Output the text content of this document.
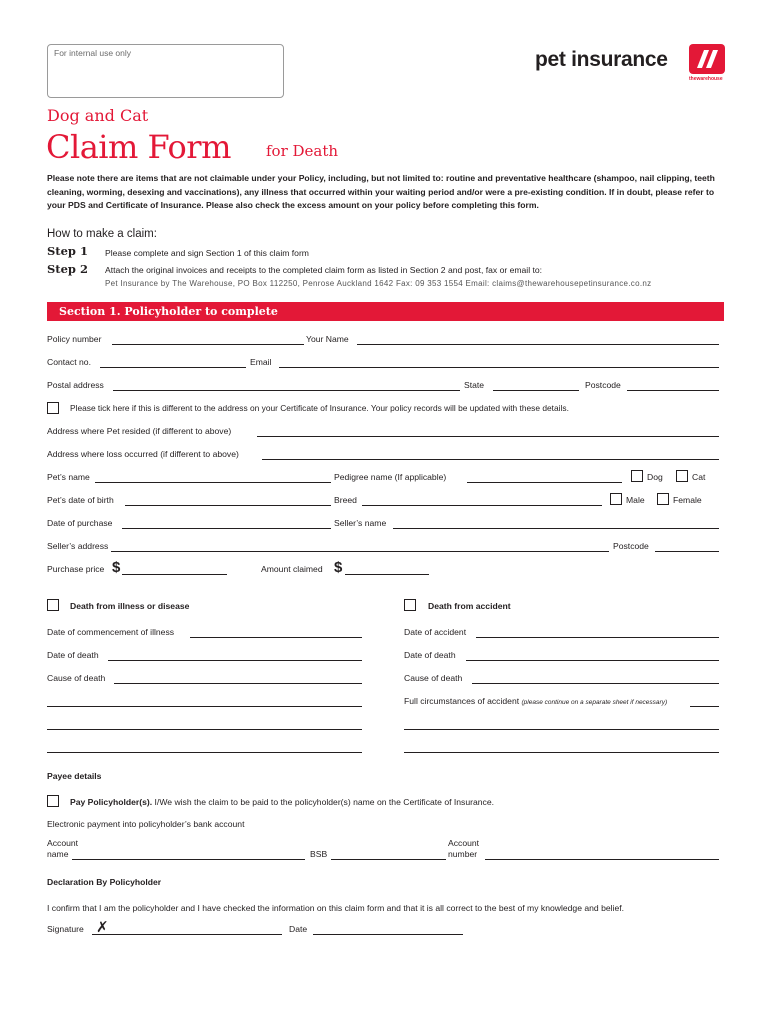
For internal use only	pet insurance
thewarehouse
Dog and Cat
Claim Form for Death
Please note there are items that are not claimable under your Policy, including, but not limited to: routine and preventative healthcare (shampoo, nail clipping, teeth cleaning, worming, desexing and vaccinations), any illness that occurred within your waiting period and/or were a pre-existing condition. If in doubt, please refer to your PDS and Certificate of Insurance. Please also check the excess amount on your policy before completing this form.
How to make a claim:
Step 1 Please complete and sign Section 1 of this claim form
Step 2 Attach the original invoices and receipts to the completed claim form as listed in Section 2 and post, fax or email to:
Pet Insurance by The Warehouse, PO Box 112250, Penrose Auckland 1642 Fax: 09 353 1554 Email: claims@thewarehousepetinsurance.co.nz
Section 1. Policyholder to complete
Policy number	Your Name
Contact no.	Email
Postal address	State	Postcode
Please tick here if this is different to the address on your Certificate of Insurance. Your policy records will be updated with these details.
Address where Pet resided (if different to above)
Address where loss occurred (if different to above)
Pet’s name	Pedigree name (If applicable)	Dog	Cat
Pet’s date of birth	Breed	Male	Female
Date of purchase	Seller’s name
Seller’s address	Postcode
Purchase price $	Amount claimed $
Death from illness or disease	Death from accident
Date of commencement of illness
Date of death
Cause of death
Date of accident
Date of death
Cause of death
Full circumstances of accident (please continue on a separate sheet if necessary)
Payee details
Pay Policyholder(s). I/We wish the claim to be paid to the policyholder(s) name on the Certificate of Insurance.
Electronic payment into policyholder’s bank account
Account
name	BSB
Account
number
Declaration By Policyholder
I confirm that I am the policyholder and I have checked the information on this claim form and that it is all correct to the best of my knowledge and belief.
Signature ✗	Date
